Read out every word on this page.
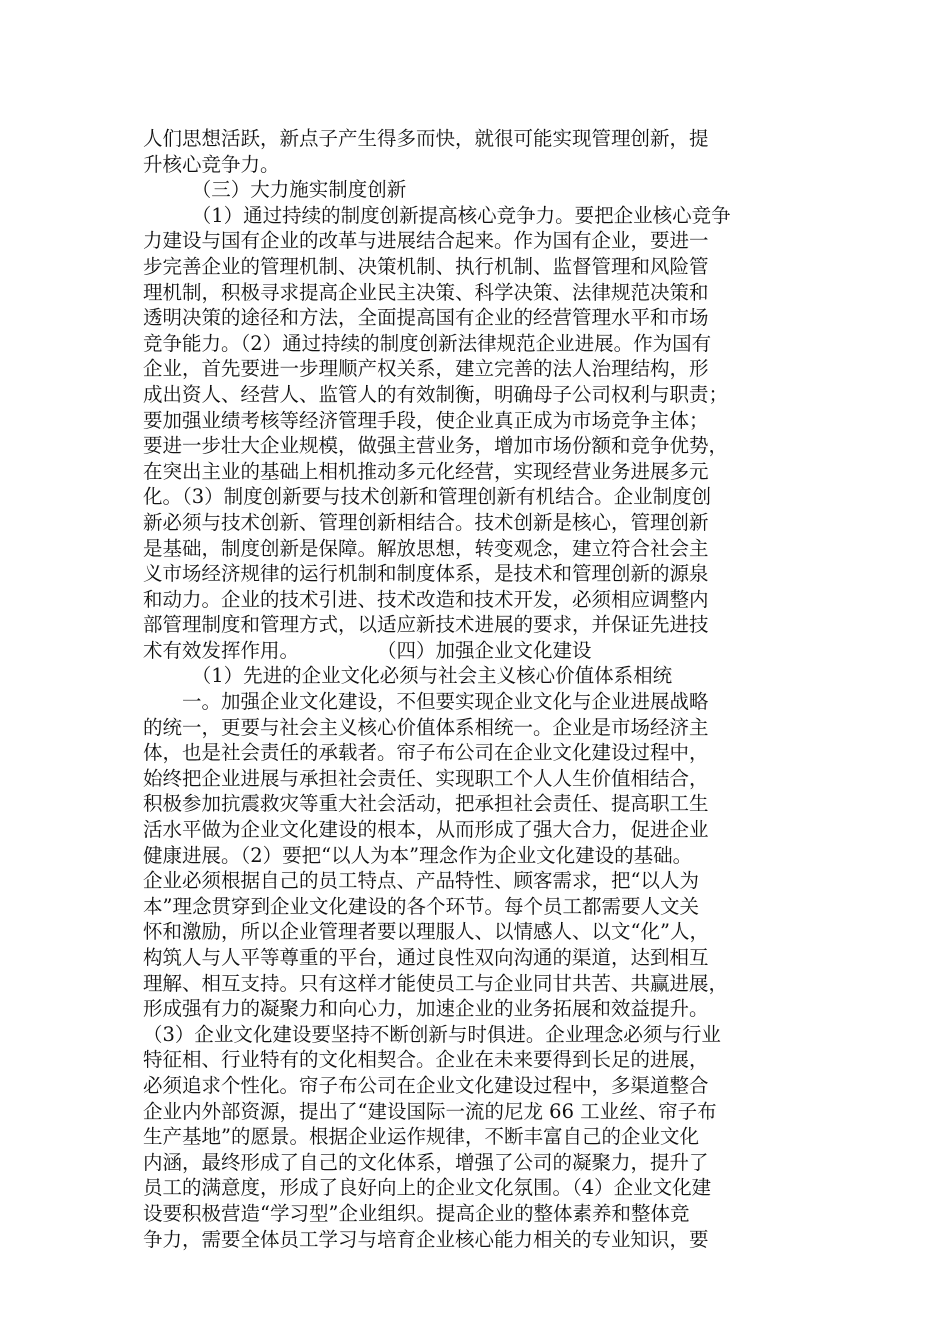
人们思想活跃，新点子产生得多而快，就很可能实现管理创新，提
升核心竞争力。
　　　（三）大力施实制度创新
　　　（1）通过持续的制度创新提高核心竞争力。要把企业核心竞争
力建设与国有企业的改革与进展结合起来。作为国有企业，要进一
步完善企业的管理机制、决策机制、执行机制、监督管理和风险管
理机制，积极寻求提高企业民主决策、科学决策、法律规范决策和
透明决策的途径和方法，全面提高国有企业的经营管理水平和市场
竞争能力。（2）通过持续的制度创新法律规范企业进展。作为国有
企业，首先要进一步理顺产权关系，建立完善的法人治理结构，形
成出资人、经营人、监管人的有效制衡，明确母子公司权利与职责；
要加强业绩考核等经济管理手段，使企业真正成为市场竞争主体；
要进一步壮大企业规模，做强主营业务，增加市场份额和竞争优势，
在突出主业的基础上相机推动多元化经营，实现经营业务进展多元
化。（3）制度创新要与技术创新和管理创新有机结合。企业制度创
新必须与技术创新、管理创新相结合。技术创新是核心，管理创新
是基础，制度创新是保障。解放思想，转变观念，建立符合社会主
义市场经济规律的运行机制和制度体系，是技术和管理创新的源泉
和动力。企业的技术引进、技术改造和技术开发，必须相应调整内
部管理制度和管理方式，以适应新技术进展的要求，并保证先进技
术有效发挥作用。　　　　　（四）加强企业文化建设
　　　（1）先进的企业文化必须与社会主义核心价值体系相统
　　一。加强企业文化建设，不但要实现企业文化与企业进展战略
的统一，更要与社会主义核心价值体系相统一。企业是市场经济主
体，也是社会责任的承载者。帘子布公司在企业文化建设过程中，
始终把企业进展与承担社会责任、实现职工个人人生价值相结合，
积极参加抗震救灾等重大社会活动，把承担社会责任、提高职工生
活水平做为企业文化建设的根本，从而形成了强大合力，促进企业
健康进展。（2）要把“以人为本”理念作为企业文化建设的基础。
企业必须根据自己的员工特点、产品特性、顾客需求，把“以人为
本”理念贯穿到企业文化建设的各个环节。每个员工都需要人文关
怀和激励，所以企业管理者要以理服人、以情感人、以文“化”人，
构筑人与人平等尊重的平台，通过良性双向沟通的渠道，达到相互
理解、相互支持。只有这样才能使员工与企业同甘共苦、共赢进展，
形成强有力的凝聚力和向心力，加速企业的业务拓展和效益提升。
（3）企业文化建设要坚持不断创新与时俱进。企业理念必须与行业
特征相、行业特有的文化相契合。企业在未来要得到长足的进展，
必须追求个性化。帘子布公司在企业文化建设过程中，多渠道整合
企业内外部资源，提出了“建设国际一流的尼龙 66 工业丝、帘子布
生产基地”的愿景。根据企业运作规律，不断丰富自己的企业文化
内涵，最终形成了自己的文化体系，增强了公司的凝聚力，提升了
员工的满意度，形成了良好向上的企业文化氛围。（4）企业文化建
设要积极营造“学习型”企业组织。提高企业的整体素养和整体竞
争力，需要全体员工学习与培育企业核心能力相关的专业知识，要
